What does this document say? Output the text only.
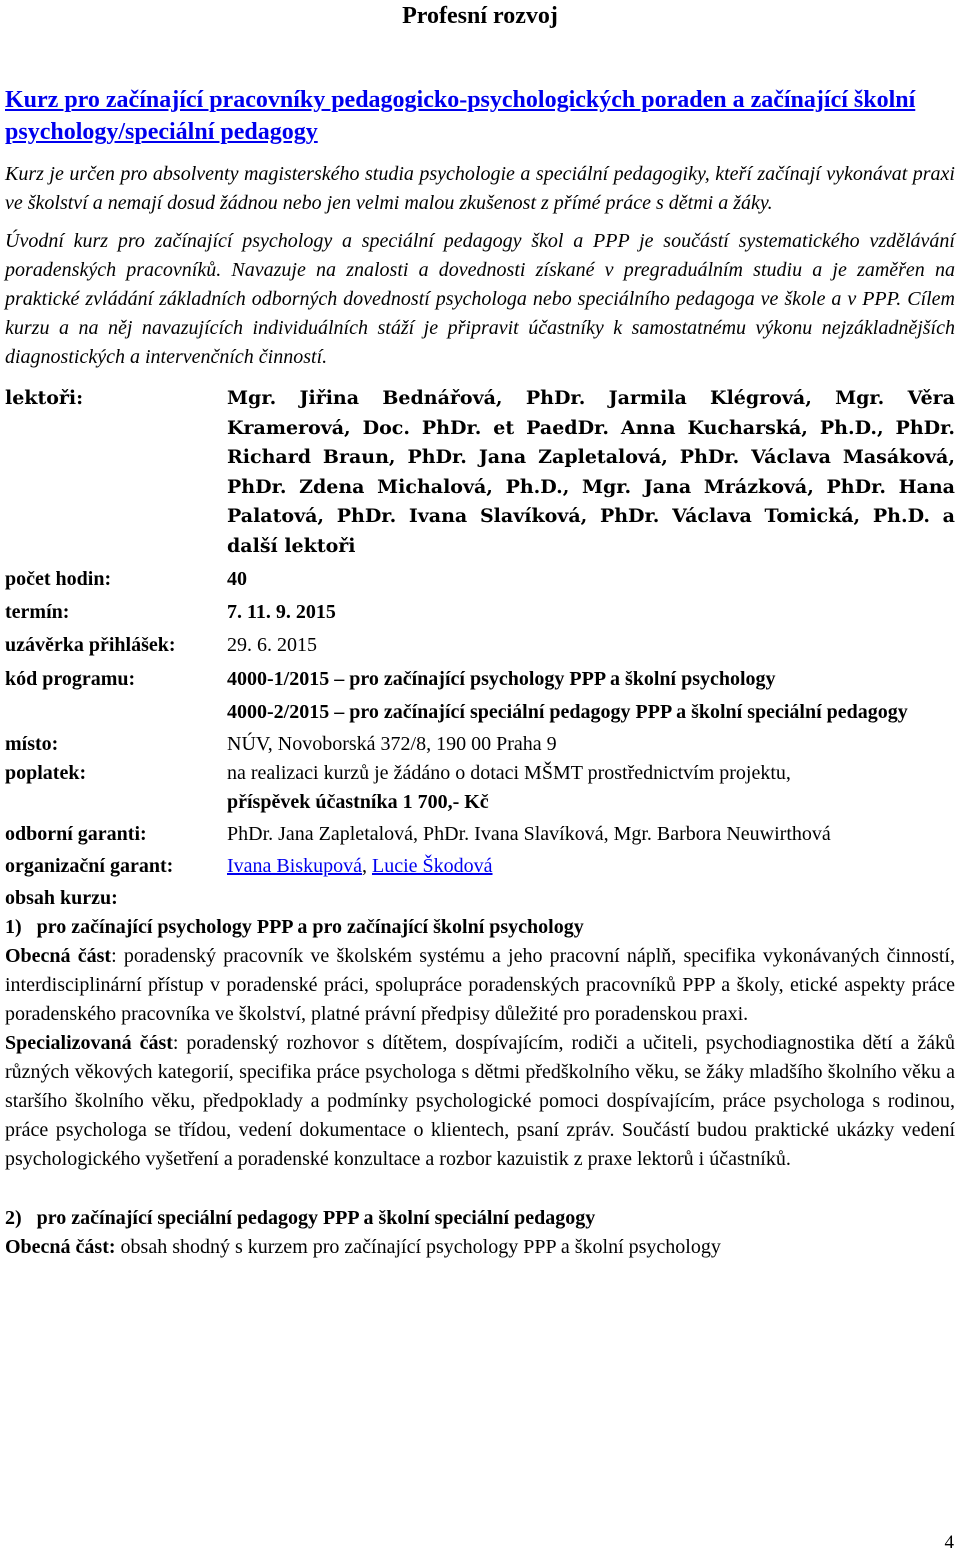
Profesní rozvoj
Kurz pro začínající pracovníky pedagogicko-psychologických poraden a začínající školní psychology/speciální pedagogy

Kurz je určen pro absolventy magisterského studia psychologie a speciální pedagogiky, kteří začínají vykonávat praxi ve školství a nemají dosud žádnou nebo jen velmi malou zkušenost z přímé práce s dětmi a žáky.

Úvodní kurz pro začínající psychology a speciální pedagogy škol a PPP je součástí systematického vzdělávání poradenských pracovníků. Navazuje na znalosti a dovednosti získané v pregraduálním studiu a je zaměřen na praktické zvládání základních odborných dovedností psychologa nebo speciálního pedagoga ve škole a v PPP. Cílem kurzu a na něj navazujících individuálních stáží je připravit účastníky k samostatnému výkonu nejzákladnějších diagnostických a intervenčních činností.

lektoři:	Mgr. Jiřina Bednářová, PhDr. Jarmila Klégrová, Mgr. Věra Kramerová, Doc. PhDr. et PaedDr. Anna Kucharská, Ph.D., PhDr. Richard Braun, PhDr. Jana Zapletalová, PhDr. Václava Masáková, PhDr. Zdena Michalová, Ph.D., Mgr. Jana Mrázková, PhDr. Hana Palatová, PhDr. Ivana Slavíková, PhDr. Václava Tomická, Ph.D. a další lektoři
počet hodin:	40
termín:	7. 11. 9. 2015
uzávěrka přihlášek:	29. 6. 2015
kód programu:	4000-1/2015 – pro začínající psychology PPP a školní psychology
4000-2/2015 – pro začínající speciální pedagogy PPP a školní speciální pedagogy
místo:	NÚV, Novoborská 372/8, 190 00 Praha 9
poplatek:	na realizaci kurzů je žádáno o dotaci MŠMT prostřednictvím projektu,
příspěvek účastníka 1 700,- Kč
odborní garanti:	PhDr. Jana Zapletalová, PhDr. Ivana Slavíková, Mgr. Barbora Neuwirthová
organizační garant:	Ivana Biskupová, Lucie Škodová
obsah kurzu:
1)   pro začínající psychology PPP a pro začínající školní psychology
Obecná část: poradenský pracovník ve školském systému a jeho pracovní náplň, specifika vykonávaných činností, interdisciplinární přístup v poradenské práci, spolupráce poradenských pracovníků PPP a školy, etické aspekty práce poradenského pracovníka ve školství, platné právní předpisy důležité pro poradenskou praxi.
Specializovaná část: poradenský rozhovor s dítětem, dospívajícím, rodiči a učiteli, psychodiagnostika dětí a žáků různých věkových kategorií, specifika práce psychologa s dětmi předškolního věku, se žáky mladšího školního věku a staršího školního věku, předpoklady a podmínky psychologické pomoci dospívajícím, práce psychologa s rodinou, práce psychologa se třídou, vedení dokumentace o klientech, psaní zpráv. Součástí budou praktické ukázky vedení psychologického vyšetření a poradenské konzultace a rozbor kazuistik z praxe lektorů i účastníků.
2)   pro začínající speciální pedagogy PPP a školní speciální pedagogy
Obecná část: obsah shodný s kurzem pro začínající psychology PPP a školní psychology
4
